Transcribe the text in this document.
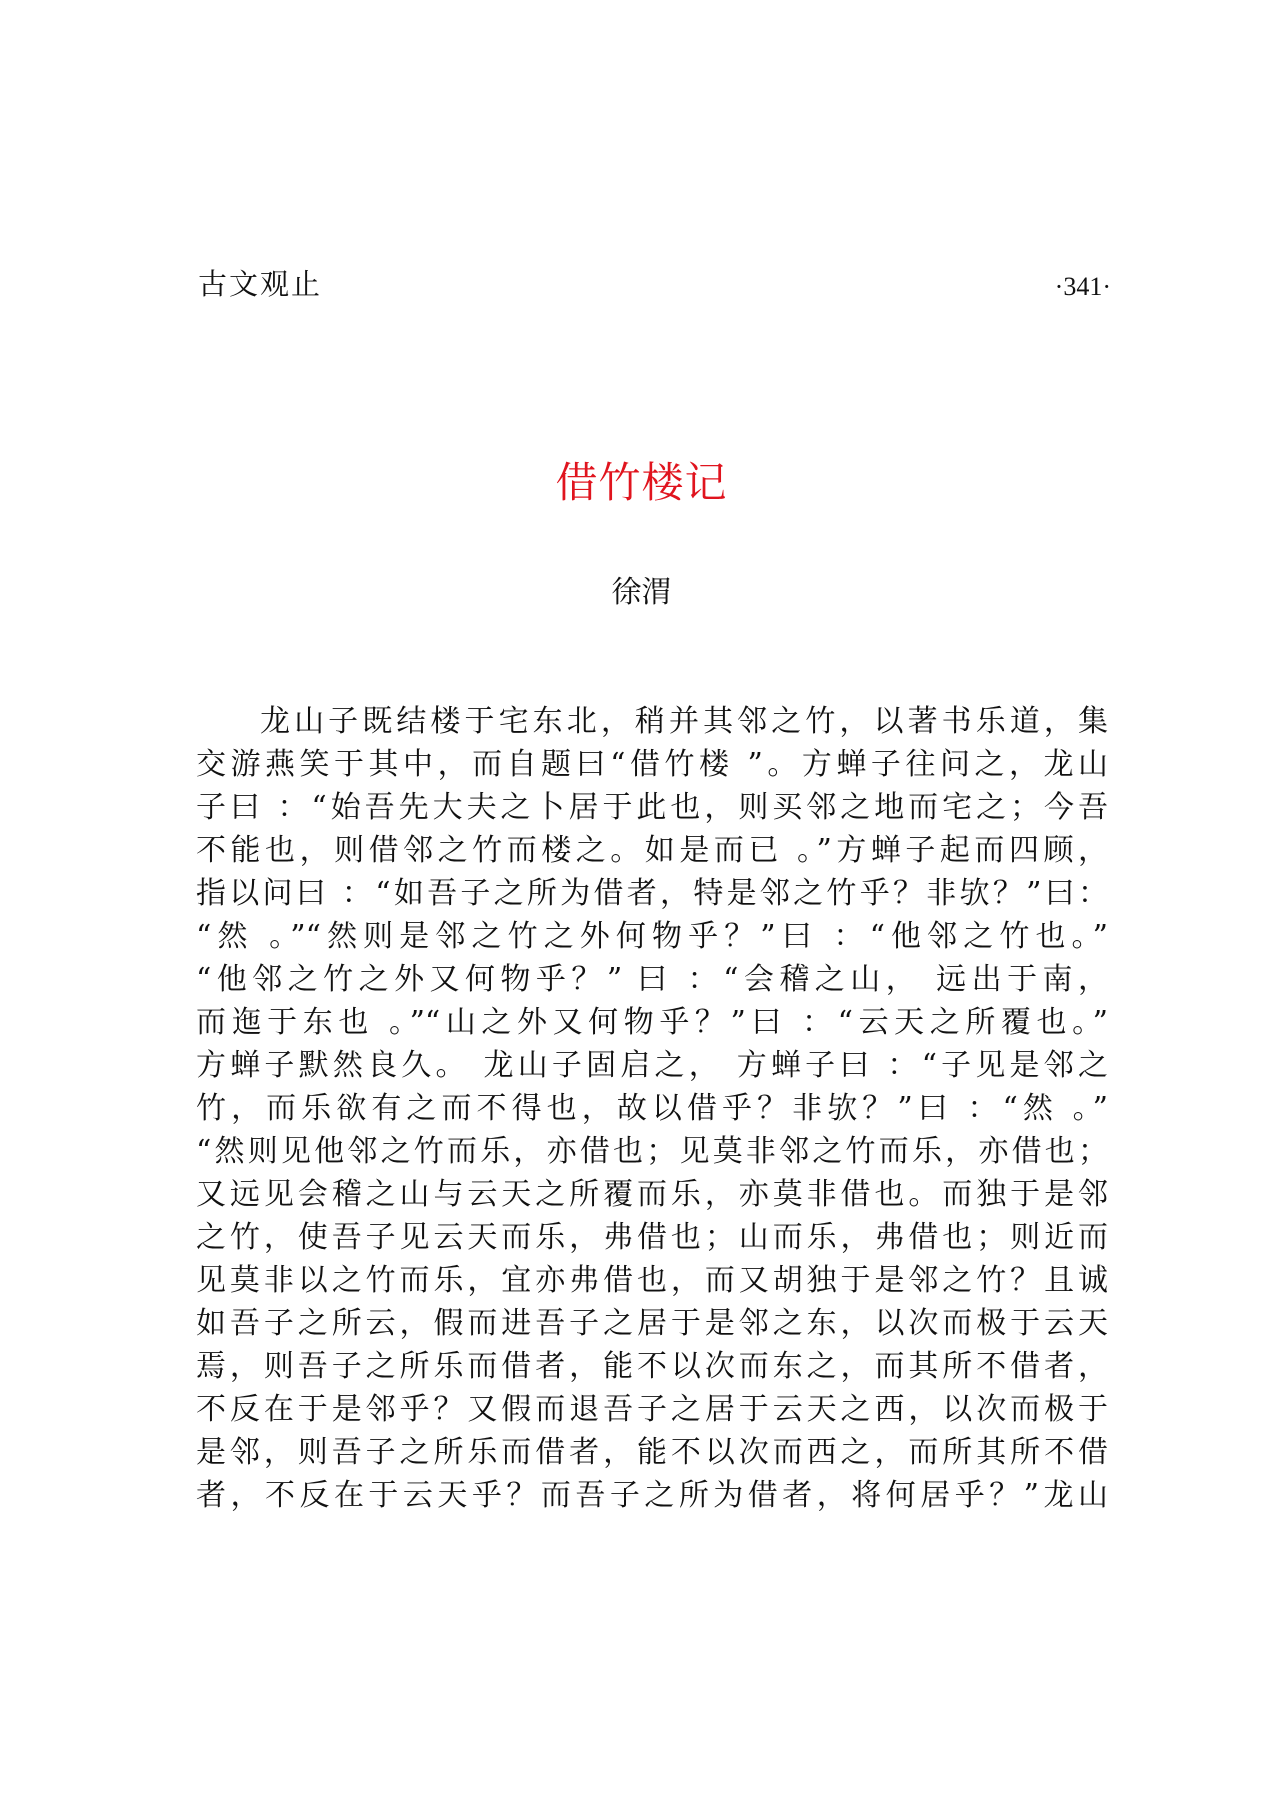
古文观止	·341·
借竹楼记
徐渭
龙山子既结楼于宅东北，稍并其邻之竹，以著书乐道，集
交游燕笑于其中，而自题曰“借竹楼 ”。方蝉子往问之，龙山
子曰 ：“始吾先大夫之卜居于此也，则买邻之地而宅之；今吾
不能也，则借邻之竹而楼之。如是而已 。”方蝉子起而四顾，
指以问曰 ：“如吾子之所为借者，特是邻之竹乎？非欤？”曰：
“然 。”“然则是邻之竹之外何物乎？”曰 ：“他邻之竹也。”
“他邻之竹之外又何物乎？” 曰 ：“会稽之山， 远出于南，
而迤于东也 。”“山之外又何物乎？”曰 ：“云天之所覆也。”
方蝉子默然良久。 龙山子固启之， 方蝉子曰 ：“子见是邻之
竹，而乐欲有之而不得也，故以借乎？非欤？”曰 ：“然 。”
“然则见他邻之竹而乐，亦借也；见莫非邻之竹而乐，亦借也；
又远见会稽之山与云天之所覆而乐，亦莫非借也。而独于是邻
之竹，使吾子见云天而乐，弗借也；山而乐，弗借也；则近而
见莫非以之竹而乐，宜亦弗借也，而又胡独于是邻之竹？且诚
如吾子之所云，假而进吾子之居于是邻之东，以次而极于云天
焉，则吾子之所乐而借者，能不以次而东之，而其所不借者，
不反在于是邻乎？又假而退吾子之居于云天之西，以次而极于
是邻，则吾子之所乐而借者，能不以次而西之，而所其所不借
者，不反在于云天乎？而吾子之所为借者，将何居乎？”龙山
